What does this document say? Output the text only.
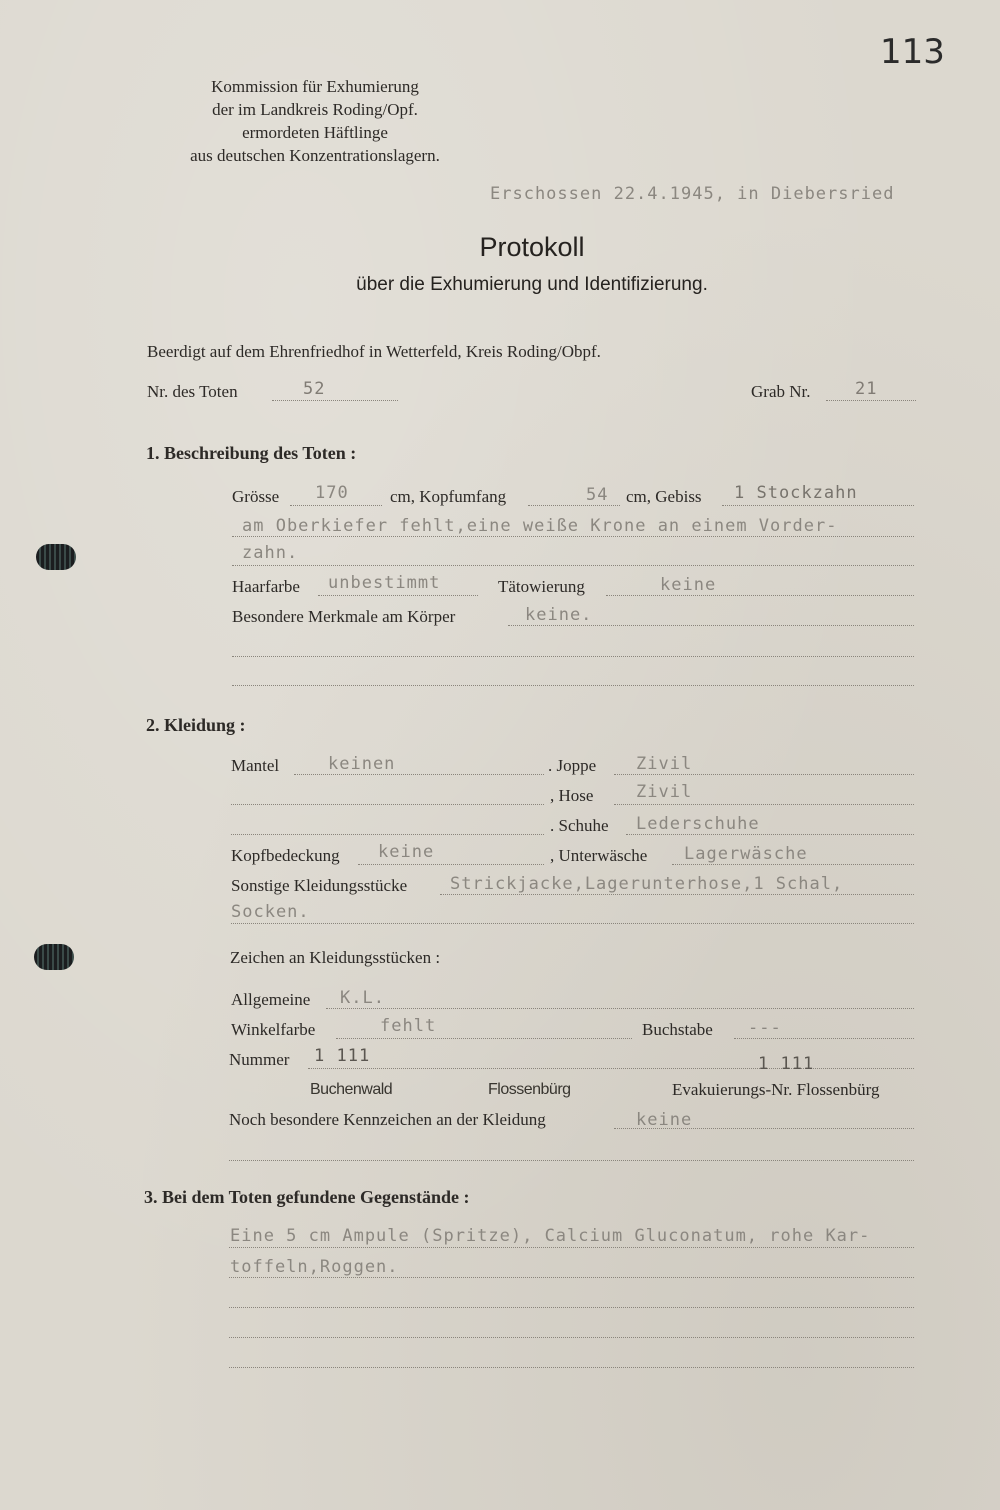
113
Kommission für Exhumierung
der im Landkreis Roding/Opf.
ermordeten Häftlinge
aus deutschen Konzentrationslagern.
Erschossen 22.4.1945, in Diebersried
Protokoll
über die Exhumierung und Identifizierung.
Beerdigt auf dem Ehrenfriedhof in Wetterfeld, Kreis Roding/Obpf.
Nr. des Toten	52	Grab Nr.	21
1. Beschreibung des Toten :
Grösse 170 cm, Kopfumfang	54 cm, Gebiss 1 Stockzahn
am Oberkiefer fehlt,eine weiße Krone an einem Vorder-
zahn.
Haarfarbe unbestimmt	Tätowierung	keine
Besondere Merkmale am Körper	keine.
2. Kleidung :
Mantel	keinen	. Joppe Zivil
, Hose	Zivil
. Schuhe Lederschuhe
Kopfbedeckung keine	, Unterwäsche Lagerwäsche
Sonstige Kleidungsstücke	Strickjacke,Lagerunterhose,1 Schal,
Socken.
Zeichen an Kleidungsstücken :
Allgemeine K.L.
Winkelfarbe	fehlt	Buchstabe ---
Nummer 1 111	1 111
Buchenwald	Flossenbürg	Evakuierungs-Nr. Flossenbürg
Noch besondere Kennzeichen an der Kleidung	keine
3. Bei dem Toten gefundene Gegenstände :
Eine 5 cm Ampule (Spritze), Calcium Gluconatum, rohe Kar-
toffeln,Roggen.
